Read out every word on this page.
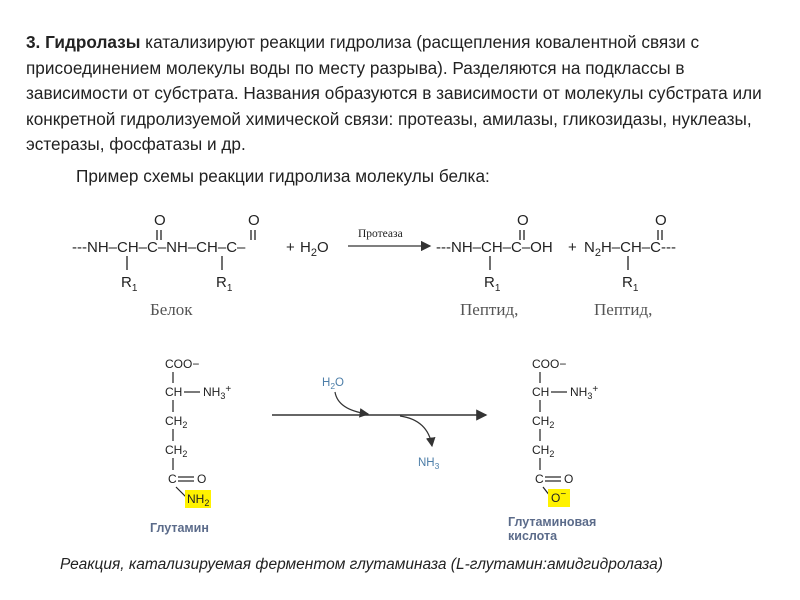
3. Гидролазы катализируют реакции гидролиза (расщепления ковалентной связи с присоединением молекулы воды по месту разрыва). Разделяются на подклассы в зависимости от субстрата. Названия образуются в зависимости от молекулы субстрата или конкретной гидролизуемой химической связи: протеазы, амилазы, гликозидазы, нуклеазы, эстеразы, фосфатазы и др.
Пример схемы реакции гидролиза молекулы белка:
---NH–CH–C–NH–CH–C–	+ $H_2O$
O	O
$R_1$	$R_1$
Протеаза
---NH–CH–C–OH
O
$R_1$
+ $N_2H-CH-C---$
O
$R_1$
Белок	Пептид,	Пептид,
COO−
CH $NH_3^+$
$CH_2$
$CH_2$
C O
$NH_2$
Глутамин
$H_2O$
$NH_3$
COO−
CH $NH_3^+$
$CH_2$
$CH_2$
C O
O−
Глутаминовая
кислота
Реакция, катализируемая ферментом глутаминаза (L-глутамин:амидгидролаза)
